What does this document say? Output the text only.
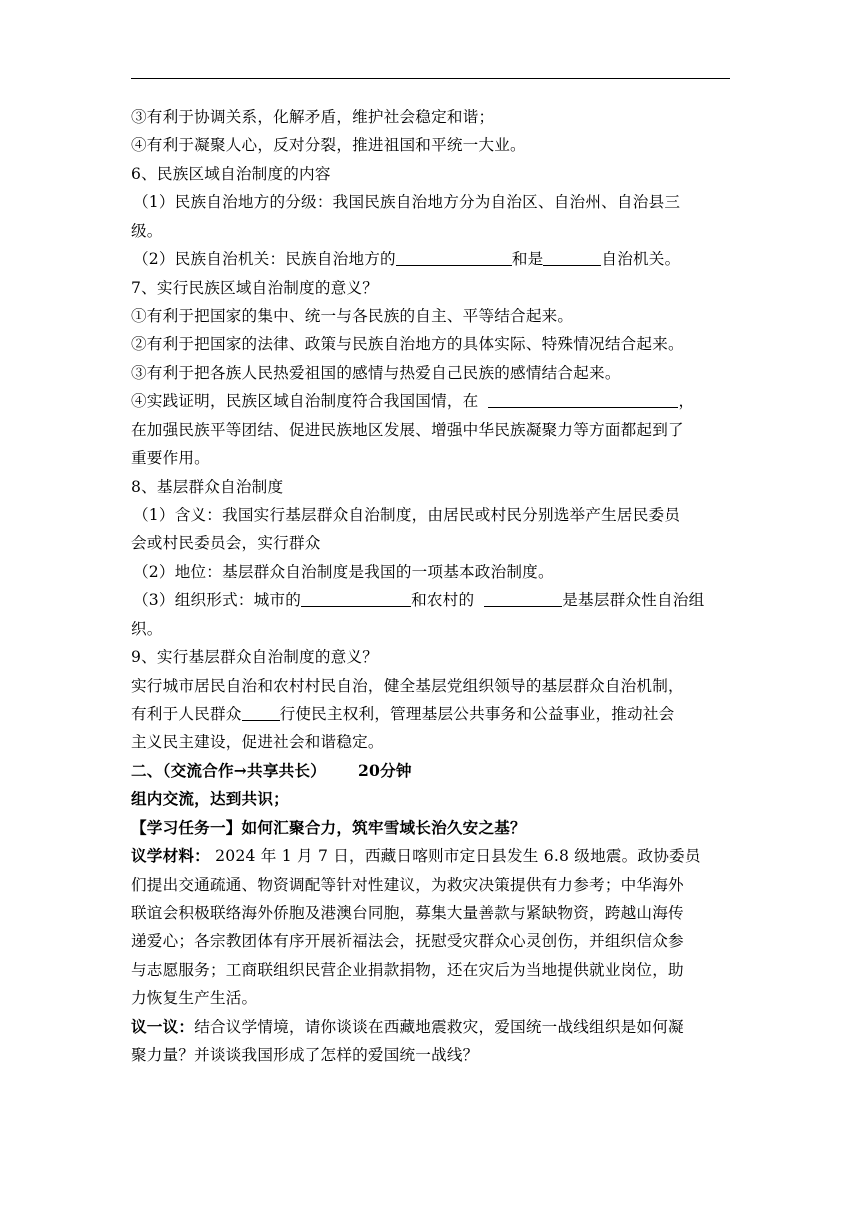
③有利于协调关系，化解矛盾，维护社会稳定和谐；
④有利于凝聚人心，反对分裂，推进祖国和平统一大业。
6、民族区域自治制度的内容
（1）民族自治地方的分级：我国民族自治地方分为自治区、自治州、自治县三
级。
（2）民族自治机关：民族自治地方的	和是	自治机关。
7、实行民族区域自治制度的意义？
①有利于把国家的集中、统一与各民族的自主、平等结合起来。
②有利于把国家的法律、政策与民族自治地方的具体实际、特殊情况结合起来。
③有利于把各族人民热爱祖国的感情与热爱自己民族的感情结合起来。
④实践证明，民族区域自治制度符合我国国情，在	，
在加强民族平等团结、促进民族地区发展、增强中华民族凝聚力等方面都起到了
重要作用。
8、基层群众自治制度
（1）含义：我国实行基层群众自治制度，由居民或村民分别选举产生居民委员
会或村民委员会，实行群众
（2）地位：基层群众自治制度是我国的一项基本政治制度。
（3）组织形式：城市的	和农村的	是基层群众性自治组
织。
9、实行基层群众自治制度的意义？
实行城市居民自治和农村村民自治，健全基层党组织领导的基层群众自治机制，
有利于人民群众 行使民主权利，管理基层公共事务和公益事业，推动社会
主义民主建设，促进社会和谐稳定。
二、（交流合作→共享共长） 20分钟
组内交流，达到共识；
【学习任务一】如何汇聚合力，筑牢雪域长治久安之基？
议学材料： 2024 年 1 月 7 日，西藏日喀则市定日县发生 6.8 级地震。政协委员
们提出交通疏通、物资调配等针对性建议，为救灾决策提供有力参考；中华海外
联谊会积极联络海外侨胞及港澳台同胞，募集大量善款与紧缺物资，跨越山海传
递爱心；各宗教团体有序开展祈福法会，抚慰受灾群众心灵创伤，并组织信众参
与志愿服务；工商联组织民营企业捐款捐物，还在灾后为当地提供就业岗位，助
力恢复生产生活。
议一议：结合议学情境，请你谈谈在西藏地震救灾，爱国统一战线组织是如何凝
聚力量？并谈谈我国形成了怎样的爱国统一战线？
